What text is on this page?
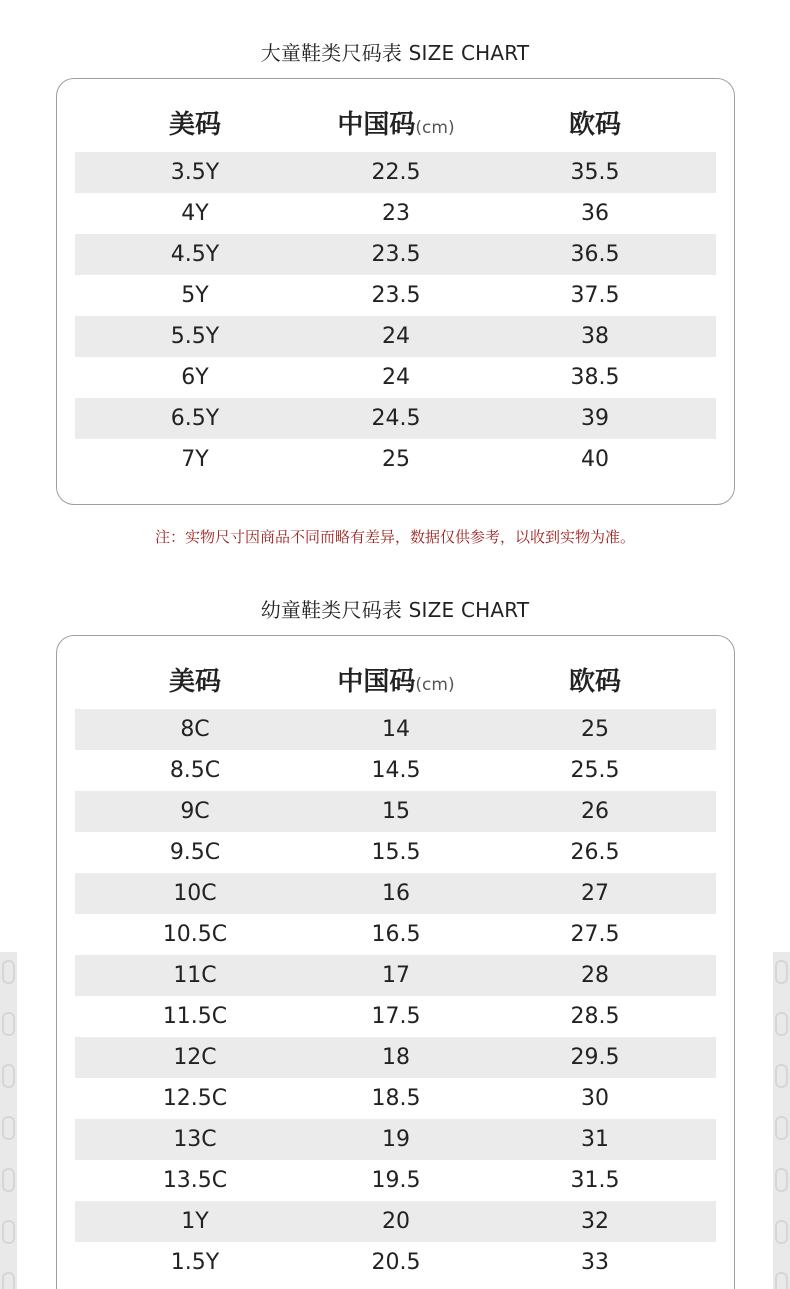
大童鞋类尺码表 SIZE CHART
美码	中国码(cm)	欧码
3.5Y	22.5	35.5
4Y	23	36
4.5Y	23.5	36.5
5Y	23.5	37.5
5.5Y	24	38
6Y	24	38.5
6.5Y	24.5	39
7Y	25	40
注：实物尺寸因商品不同而略有差异，数据仅供参考，以收到实物为准。
幼童鞋类尺码表 SIZE CHART
美码	中国码(cm)	欧码
8C	14	25
8.5C	14.5	25.5
9C	15	26
9.5C	15.5	26.5
10C	16	27
10.5C	16.5	27.5
11C	17	28
11.5C	17.5	28.5
12C	18	29.5
12.5C	18.5	30
13C	19	31
13.5C	19.5	31.5
1Y	20	32
1.5Y	20.5	33
